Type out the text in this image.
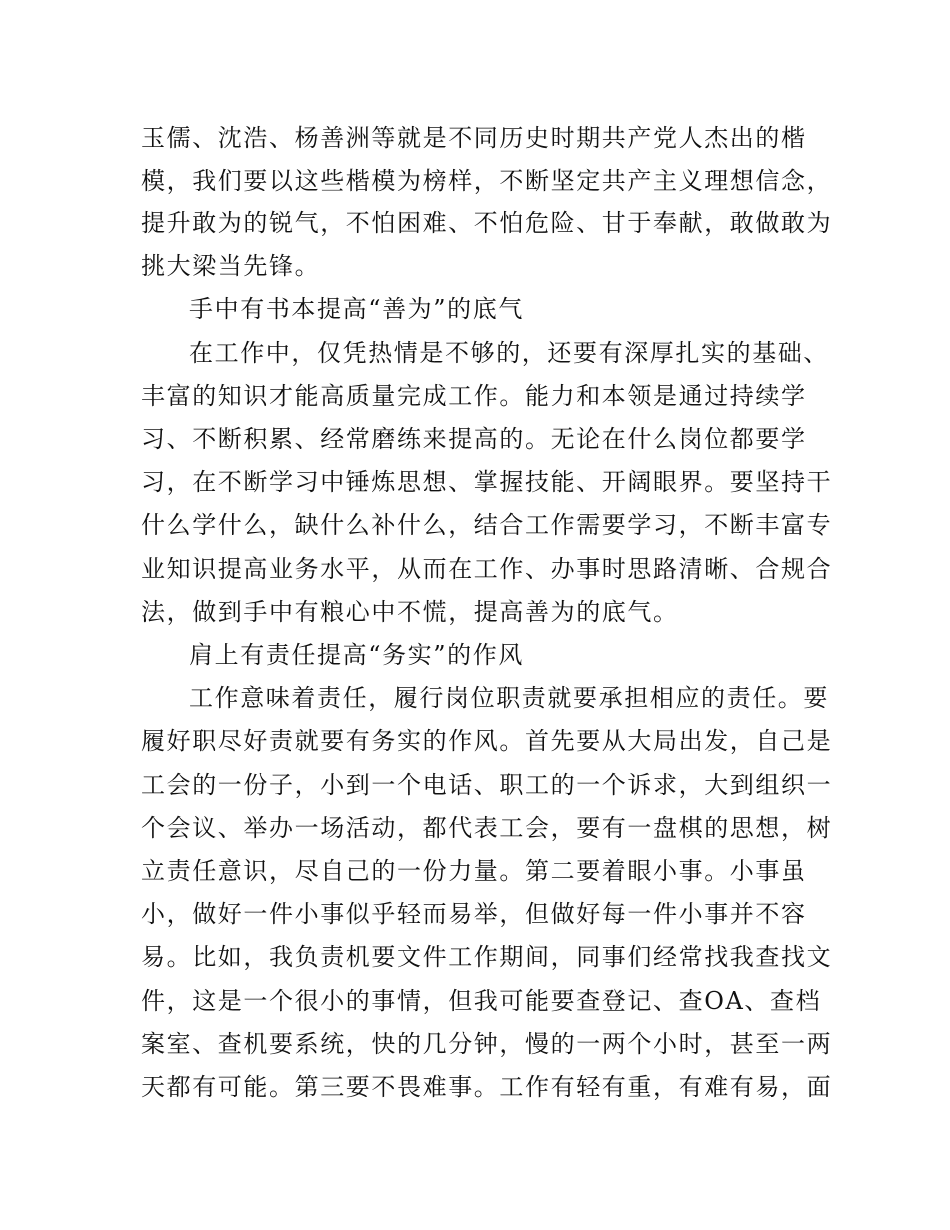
玉儒、沈浩、杨善洲等就是不同历史时期共产党人杰出的楷
模，我们要以这些楷模为榜样，不断坚定共产主义理想信念，
提升敢为的锐气，不怕困难、不怕危险、甘于奉献，敢做敢为
挑大梁当先锋。
手中有书本提高“善为”的底气
在工作中，仅凭热情是不够的，还要有深厚扎实的基础、
丰富的知识才能高质量完成工作。能力和本领是通过持续学
习、不断积累、经常磨练来提高的。无论在什么岗位都要学
习，在不断学习中锤炼思想、掌握技能、开阔眼界。要坚持干
什么学什么，缺什么补什么，结合工作需要学习，不断丰富专
业知识提高业务水平，从而在工作、办事时思路清晰、合规合
法，做到手中有粮心中不慌，提高善为的底气。
肩上有责任提高“务实”的作风
工作意味着责任，履行岗位职责就要承担相应的责任。要
履好职尽好责就要有务实的作风。首先要从大局出发，自己是
工会的一份子，小到一个电话、职工的一个诉求，大到组织一
个会议、举办一场活动，都代表工会，要有一盘棋的思想，树
立责任意识，尽自己的一份力量。第二要着眼小事。小事虽
小，做好一件小事似乎轻而易举，但做好每一件小事并不容
易。比如，我负责机要文件工作期间，同事们经常找我查找文
件，这是一个很小的事情，但我可能要查登记、查OA、查档
案室、查机要系统，快的几分钟，慢的一两个小时，甚至一两
天都有可能。第三要不畏难事。工作有轻有重，有难有易，面
